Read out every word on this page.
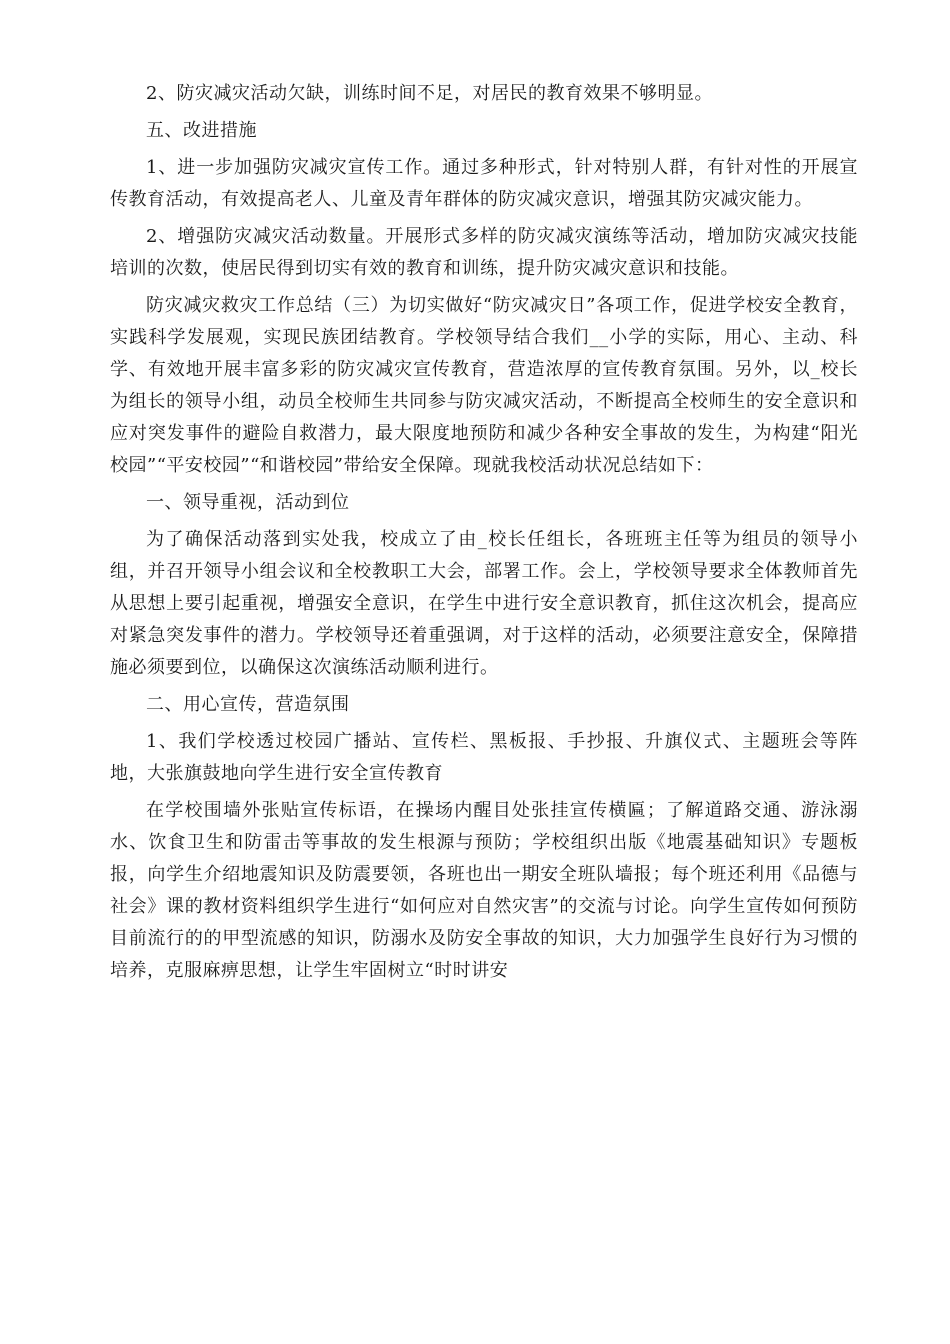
2、防灾减灾活动欠缺，训练时间不足，对居民的教育效果不够明显。

五、改进措施

1、进一步加强防灾减灾宣传工作。通过多种形式，针对特别人群，有针对性的开展宣传教育活动，有效提高老人、儿童及青年群体的防灾减灾意识，增强其防灾减灾能力。

2、增强防灾减灾活动数量。开展形式多样的防灾减灾演练等活动，增加防灾减灾技能培训的次数，使居民得到切实有效的教育和训练，提升防灾减灾意识和技能。

防灾减灾救灾工作总结（三）为切实做好“防灾减灾日”各项工作，促进学校安全教育，实践科学发展观，实现民族团结教育。学校领导结合我们__小学的实际，用心、主动、科学、有效地开展丰富多彩的防灾减灾宣传教育，营造浓厚的宣传教育氛围。另外，以_校长为组长的领导小组，动员全校师生共同参与防灾减灾活动，不断提高全校师生的安全意识和应对突发事件的避险自救潜力，最大限度地预防和减少各种安全事故的发生，为构建“阳光校园”“平安校园”“和谐校园”带给安全保障。现就我校活动状况总结如下：

一、领导重视，活动到位

为了确保活动落到实处我，校成立了由_校长任组长，各班班主任等为组员的领导小组，并召开领导小组会议和全校教职工大会，部署工作。会上，学校领导要求全体教师首先从思想上要引起重视，增强安全意识，在学生中进行安全意识教育，抓住这次机会，提高应对紧急突发事件的潜力。学校领导还着重强调，对于这样的活动，必须要注意安全，保障措施必须要到位，以确保这次演练活动顺利进行。

二、用心宣传，营造氛围

1、我们学校透过校园广播站、宣传栏、黑板报、手抄报、升旗仪式、主题班会等阵地，大张旗鼓地向学生进行安全宣传教育

在学校围墙外张贴宣传标语，在操场内醒目处张挂宣传横匾；了解道路交通、游泳溺水、饮食卫生和防雷击等事故的发生根源与预防；学校组织出版《地震基础知识》专题板报，向学生介绍地震知识及防震要领，各班也出一期安全班队墙报；每个班还利用《品德与社会》课的教材资料组织学生进行“如何应对自然灾害”的交流与讨论。向学生宣传如何预防目前流行的的甲型流感的知识，防溺水及防安全事故的知识，大力加强学生良好行为习惯的培养，克服麻痹思想，让学生牢固树立“时时讲安
